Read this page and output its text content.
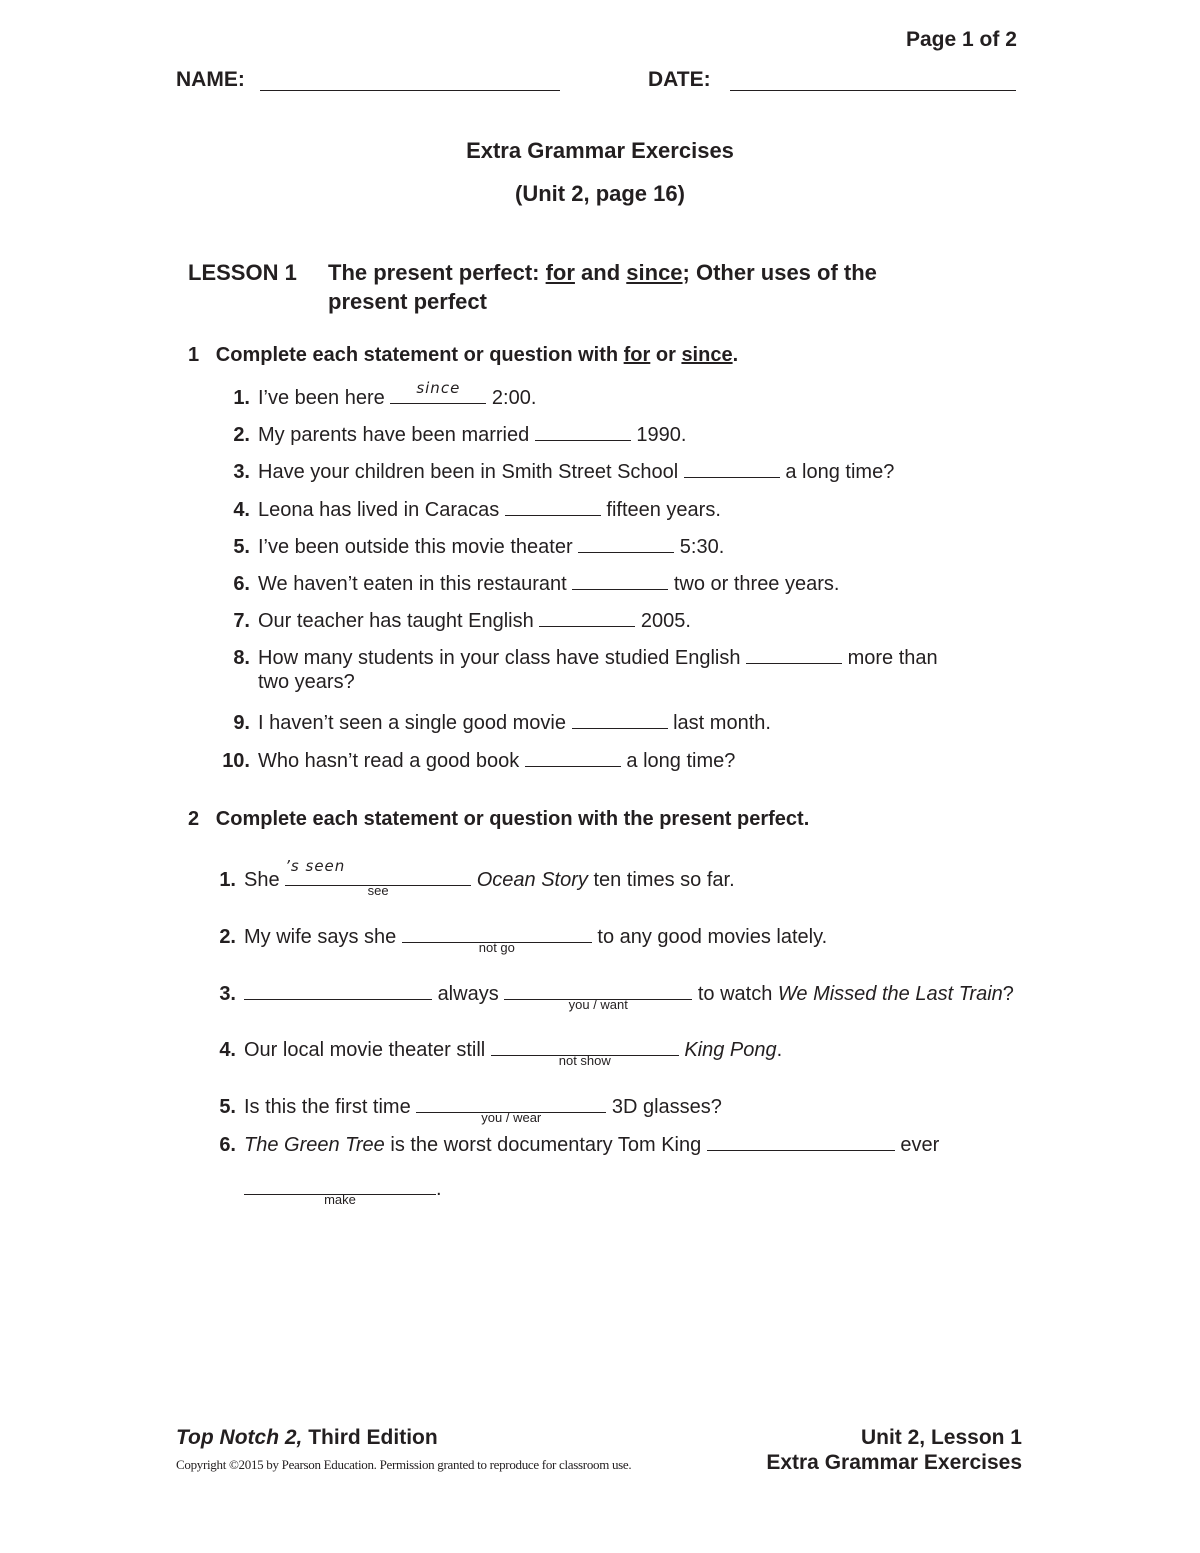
Page 1 of 2
NAME:	DATE:
Extra Grammar Exercises
(Unit 2, page 16)
LESSON 1 The present perfect: for and since; Other uses of the
present perfect
1 Complete each statement or question with for or since.
1. I’ve been here since 2:00.
2. My parents have been married	1990.
3. Have your children been in Smith Street School	a long time?
4. Leona has lived in Caracas	fifteen years.
5. I’ve been outside this movie theater	5:30.
6. We haven’t eaten in this restaurant	two or three years.
7. Our teacher has taught English	2005.
8. How many students in your class have studied English	more than
two years?
9. I haven’t seen a single good movie	last month.
10. Who hasn’t read a good book	a long time?
2 Complete each statement or question with the present perfect.
1. She
’s seen
see	Ocean Story ten times so far.
2. My wife says she	not go	to any good movies lately.
3.	always	you / want	to watch We Missed the Last Train?
4. Our local movie theater still	not show	King Pong.
5. Is this the first time	you / wear	3D glasses?
6. The Green Tree is the worst documentary Tom King	ever
make	.
Top Notch 2, Third Edition
Copyright ©2015 by Pearson Education. Permission granted to reproduce for classroom use.
Unit 2, Lesson 1
Extra Grammar Exercises
